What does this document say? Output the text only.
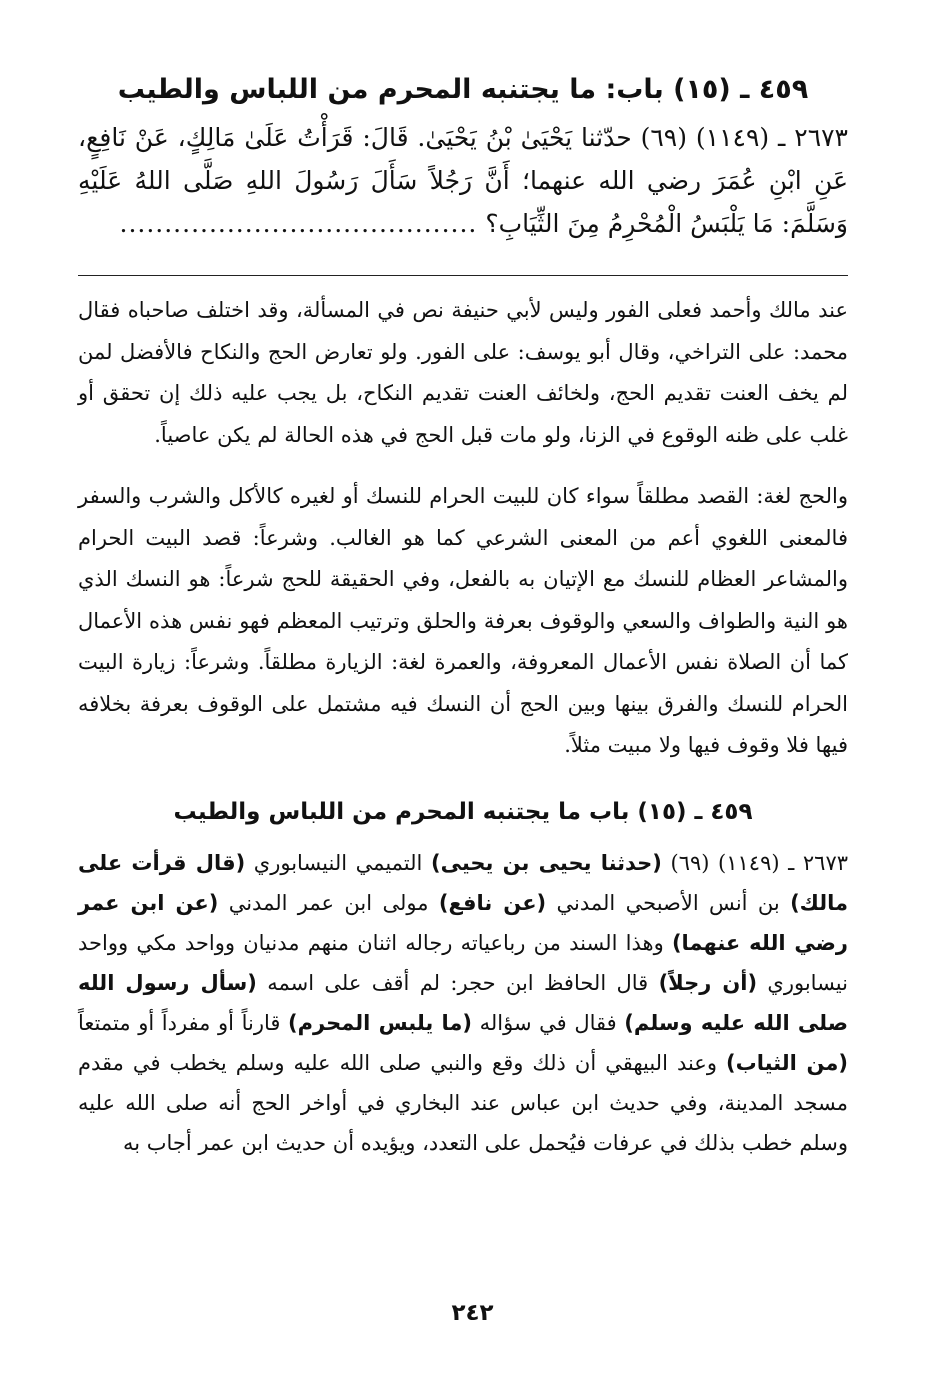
٤٥٩ ـ (١٥) باب: ما يجتنبه المحرم من اللباس والطيب

٢٦٧٣ ـ (١١٤٩) (٦٩) حدّثنا يَحْيَىٰ بْنُ يَحْيَىٰ. قَالَ: قَرَأْتُ عَلَىٰ مَالِكٍ، عَنْ نَافِعٍ، عَنِ ابْنِ عُمَرَ رضي الله عنهما؛ أَنَّ رَجُلاً سَأَلَ رَسُولَ اللهِ صَلَّى اللهُ عَلَيْهِ وَسَلَّمَ: مَا يَلْبَسُ الْمُحْرِمُ مِنَ الثِّيَابِ؟ ........................................

عند مالك وأحمد فعلى الفور وليس لأبي حنيفة نص في المسألة، وقد اختلف صاحباه فقال محمد: على التراخي، وقال أبو يوسف: على الفور. ولو تعارض الحج والنكاح فالأفضل لمن لم يخف العنت تقديم الحج، ولخائف العنت تقديم النكاح، بل يجب عليه ذلك إن تحقق أو غلب على ظنه الوقوع في الزنا، ولو مات قبل الحج في هذه الحالة لم يكن عاصياً.

والحج لغة: القصد مطلقاً سواء كان للبيت الحرام للنسك أو لغيره كالأكل والشرب والسفر فالمعنى اللغوي أعم من المعنى الشرعي كما هو الغالب. وشرعاً: قصد البيت الحرام والمشاعر العظام للنسك مع الإتيان به بالفعل، وفي الحقيقة للحج شرعاً: هو النسك الذي هو النية والطواف والسعي والوقوف بعرفة والحلق وترتيب المعظم فهو نفس هذه الأعمال كما أن الصلاة نفس الأعمال المعروفة، والعمرة لغة: الزيارة مطلقاً. وشرعاً: زيارة البيت الحرام للنسك والفرق بينها وبين الحج أن النسك فيه مشتمل على الوقوف بعرفة بخلافه فيها فلا وقوف فيها ولا مبيت مثلاً.

٤٥٩ ـ (١٥) باب ما يجتنبه المحرم من اللباس والطيب

٢٦٧٣ ـ (١١٤٩) (٦٩) (حدثنا يحيى بن يحيى) التميمي النيسابوري (قال قرأت على مالك) بن أنس الأصبحي المدني (عن نافع) مولى ابن عمر المدني (عن ابن عمر رضي الله عنهما) وهذا السند من رباعياته رجاله اثنان منهم مدنيان وواحد مكي وواحد نيسابوري (أن رجلاً) قال الحافظ ابن حجر: لم أقف على اسمه (سأل رسول الله صلى الله عليه وسلم) فقال في سؤاله (ما يلبس المحرم) قارناً أو مفرداً أو متمتعاً (من الثياب) وعند البيهقي أن ذلك وقع والنبي صلى الله عليه وسلم يخطب في مقدم مسجد المدينة، وفي حديث ابن عباس عند البخاري في أواخر الحج أنه صلى الله عليه وسلم خطب بذلك في عرفات فيُحمل على التعدد، ويؤيده أن حديث ابن عمر أجاب به

٢٤٢
